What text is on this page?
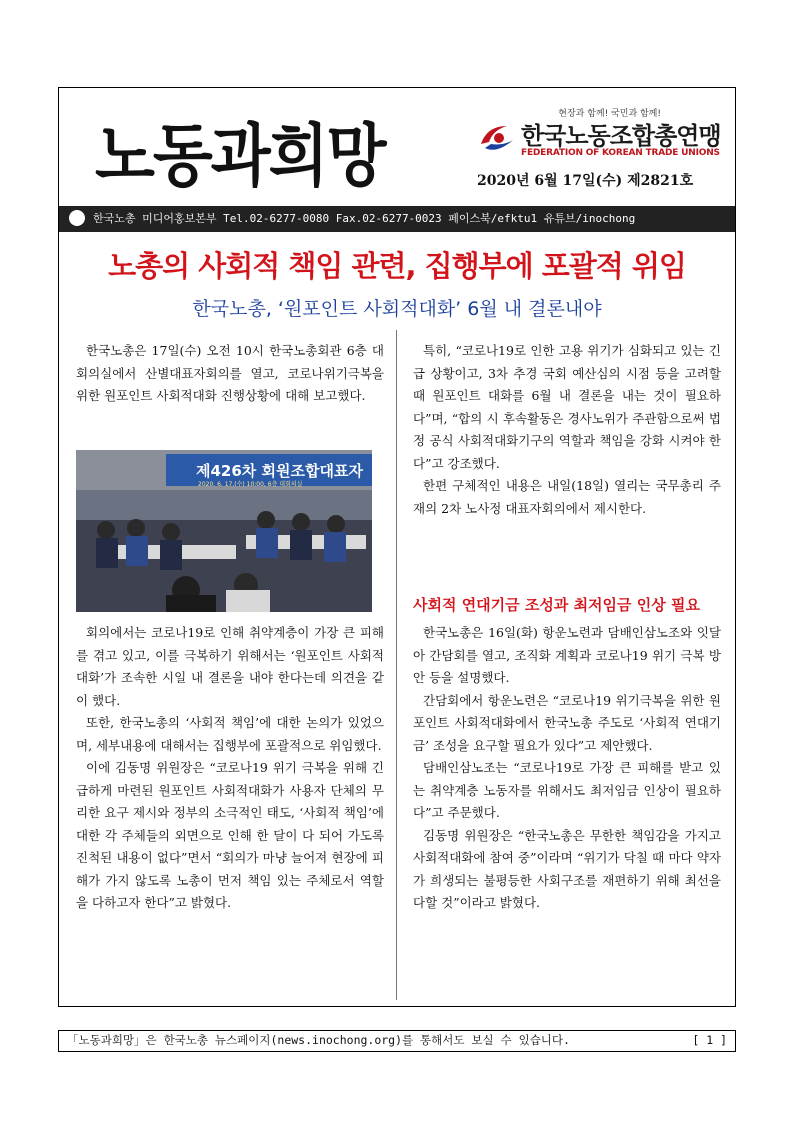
노동과희망
현장과 함께! 국민과 함께!
한국노동조합총연맹
FEDERATION OF KOREAN TRADE UNIONS
2020년 6월 17일(수) 제2821호
한국노총 미디어홍보본부 Tel.02-6277-0080 Fax.02-6277-0023 페이스북/efktu1 유튜브/inochong
노총의 사회적 책임 관련, 집행부에 포괄적 위임
한국노총, ‘원포인트 사회적대화’ 6월 내 결론내야

한국노총은 17일(수) 오전 10시 한국노총회관 6층 대회의실에서 산별대표자회의를 열고, 코로나위기극복을 위한 원포인트 사회적대화 진행상황에 대해 보고했다.

제426차 회원조합대표자
2020. 6. 17.(수) 10:00, 6층 대회의실

회의에서는 코로나19로 인해 취약계층이 가장 큰 피해를 겪고 있고, 이를 극복하기 위해서는 ‘원포인트 사회적대화’가 조속한 시일 내 결론을 내야 한다는데 의견을 같이 했다.

또한, 한국노총의 ‘사회적 책임’에 대한 논의가 있었으며, 세부내용에 대해서는 집행부에 포괄적으로 위임했다.

이에 김동명 위원장은 “코로나19 위기 극복을 위해 긴급하게 마련된 원포인트 사회적대화가 사용자 단체의 무리한 요구 제시와 정부의 소극적인 태도, ‘사회적 책임’에 대한 각 주체들의 외면으로 인해 한 달이 다 되어 가도록 진척된 내용이 없다”면서 “회의가 마냥 늘어져 현장에 피해가 가지 않도록 노총이 먼저 책임 있는 주체로서 역할을 다하고자 한다”고 밝혔다.

특히, “코로나19로 인한 고용 위기가 심화되고 있는 긴급 상황이고, 3차 추경 국회 예산심의 시점 등을 고려할 때 원포인트 대화를 6월 내 결론을 내는 것이 필요하다”며, “합의 시 후속활동은 경사노위가 주관함으로써 법정 공식 사회적대화기구의 역할과 책임을 강화 시켜야 한다”고 강조했다.

한편 구체적인 내용은 내일(18일) 열리는 국무총리 주재의 2차 노사정 대표자회의에서 제시한다.

사회적 연대기금 조성과 최저임금 인상 필요

한국노총은 16일(화) 항운노련과 담배인삼노조와 잇달아 간담회를 열고, 조직화 계획과 코로나19 위기 극복 방안 등을 설명했다.

간담회에서 항운노련은 “코로나19 위기극복을 위한 원포인트 사회적대화에서 한국노총 주도로 ‘사회적 연대기금’ 조성을 요구할 필요가 있다”고 제안했다.

담배인삼노조는 “코로나19로 가장 큰 피해를 받고 있는 취약계층 노동자를 위해서도 최저임금 인상이 필요하다”고 주문했다.

김동명 위원장은 “한국노총은 무한한 책임감을 가지고 사회적대화에 참여 중”이라며 “위기가 닥칠 때 마다 약자가 희생되는 불평등한 사회구조를 재편하기 위해 최선을 다할 것”이라고 밝혔다.

「노동과희망」은 한국노총 뉴스페이지(news.inochong.org)를 통해서도 보실 수 있습니다.	[ 1 ]
